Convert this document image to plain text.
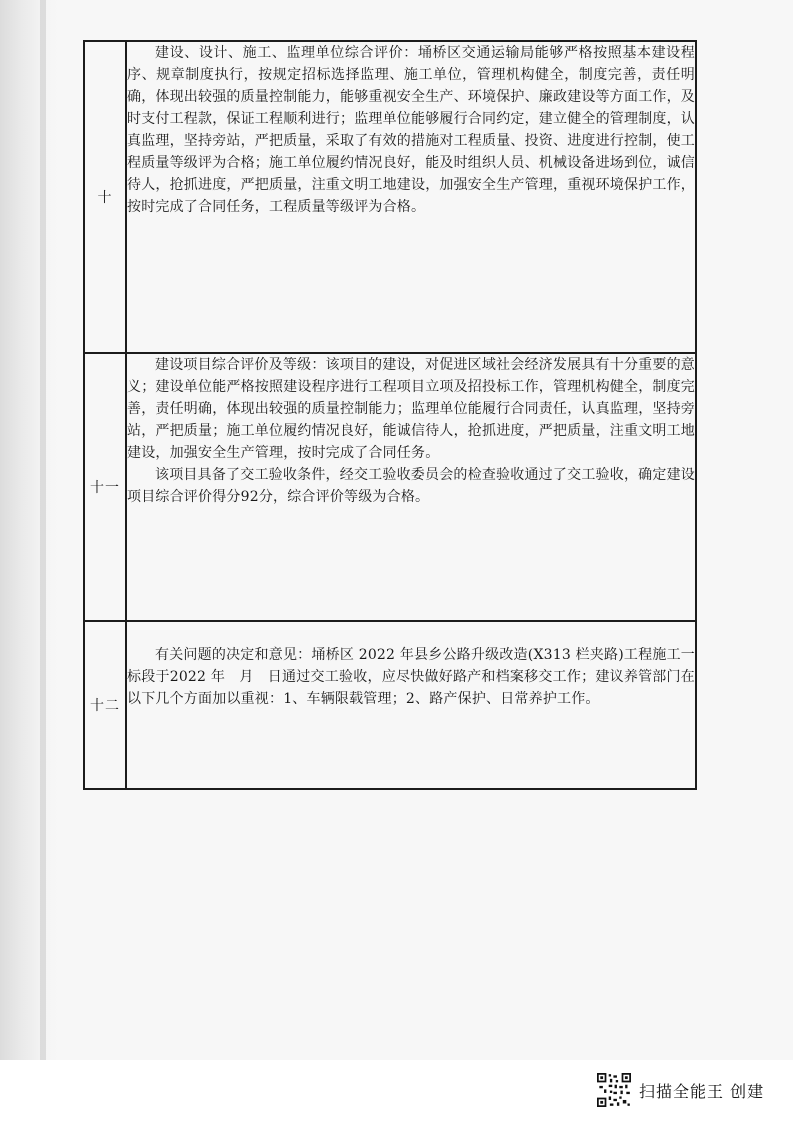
十	建设、设计、施工、监理单位综合评价：埇桥区交通运输局能够严格按照基本建设程序、规章制度执行，按规定招标选择监理、施工单位，管理机构健全，制度完善，责任明确，体现出较强的质量控制能力，能够重视安全生产、环境保护、廉政建设等方面工作，及时支付工程款，保证工程顺利进行；监理单位能够履行合同约定，建立健全的管理制度，认真监理，坚持旁站，严把质量，采取了有效的措施对工程质量、投资、进度进行控制，使工程质量等级评为合格；施工单位履约情况良好，能及时组织人员、机械设备进场到位，诚信待人，抢抓进度，严把质量，注重文明工地建设，加强安全生产管理，重视环境保护工作，按时完成了合同任务，工程质量等级评为合格。

十一	建设项目综合评价及等级：该项目的建设，对促进区域社会经济发展具有十分重要的意义；建设单位能严格按照建设程序进行工程项目立项及招投标工作，管理机构健全，制度完善，责任明确，体现出较强的质量控制能力；监理单位能履行合同责任，认真监理，坚持旁站，严把质量；施工单位履约情况良好，能诚信待人，抢抓进度，严把质量，注重文明工地建设，加强安全生产管理，按时完成了合同任务。

该项目具备了交工验收条件，经交工验收委员会的检查验收通过了交工验收，确定建设项目综合评价得分92分，综合评价等级为合格。

十二	有关问题的决定和意见：埇桥区 2022 年县乡公路升级改造(X313 栏夹路)工程施工一标段于2022 年　月　日通过交工验收，应尽快做好路产和档案移交工作；建议养管部门在以下几个方面加以重视：1、车辆限载管理；2、路产保护、日常养护工作。

扫描全能王 创建
